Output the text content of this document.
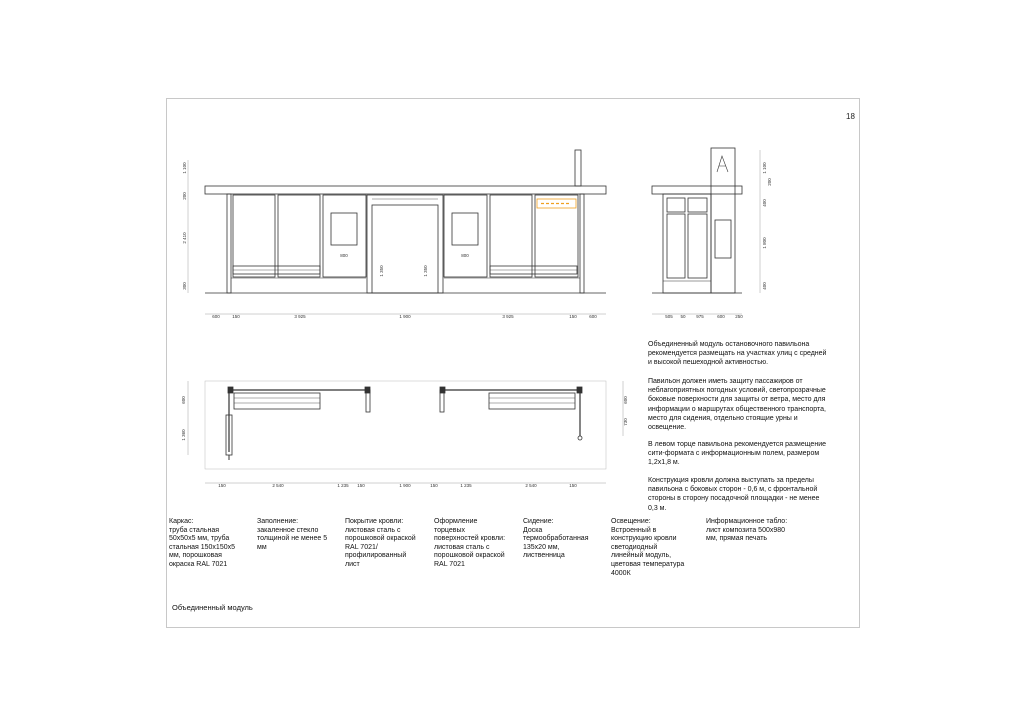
18
1 100
200
2 410
300
800
1 350	1 350
800
600	150	3 925	1 900	3 925	150	600
1 100
200
400
1 800
400
505 50 975	600 250
600
1 360
600
730
150	2 540	1 235 150	1 900	150	1 235	2 540	150

Объединенный модуль остановочного павильона рекомендуется размещать на участках улиц с средней и высокой пешеходной активностью.

Павильон должен иметь защиту пассажиров от неблагоприятных погодных условий, светопрозрачные боковые поверхности для защиты от ветра, место для информации о маршрутах общественного транспорта, место для сидения, отдельно стоящие урны и освещение.

В левом торце павильона рекомендуется размещение сити-формата с информационным полем, размером 1,2х1,8 м.

Конструкция кровли должна выступать за пределы павильона с боковых сторон - 0,6 м, с фронтальной стороны в сторону посадочной площадки - не менее 0,3 м.

Каркас:
труба стальная 50х50х5 мм, труба стальная 150х150х5 мм, порошковая окраска RAL 7021
Заполнение:
закаленное стекло толщиной не менее 5 мм
Покрытие кровли:
листовая сталь с порошковой окраской RAL 7021/ профилированный лист
Оформление торцевых поверхностей кровли:
листовая сталь с порошковой окраской RAL 7021
Сидение:
Доска термообработанная 135х20 мм, лиственница
Освещение:
Встроенный в конструкцию кровли светодиодный линейный модуль, цветовая температура 4000К
Информационное табло:
лист композита 500х980 мм, прямая печать
Объединенный модуль
